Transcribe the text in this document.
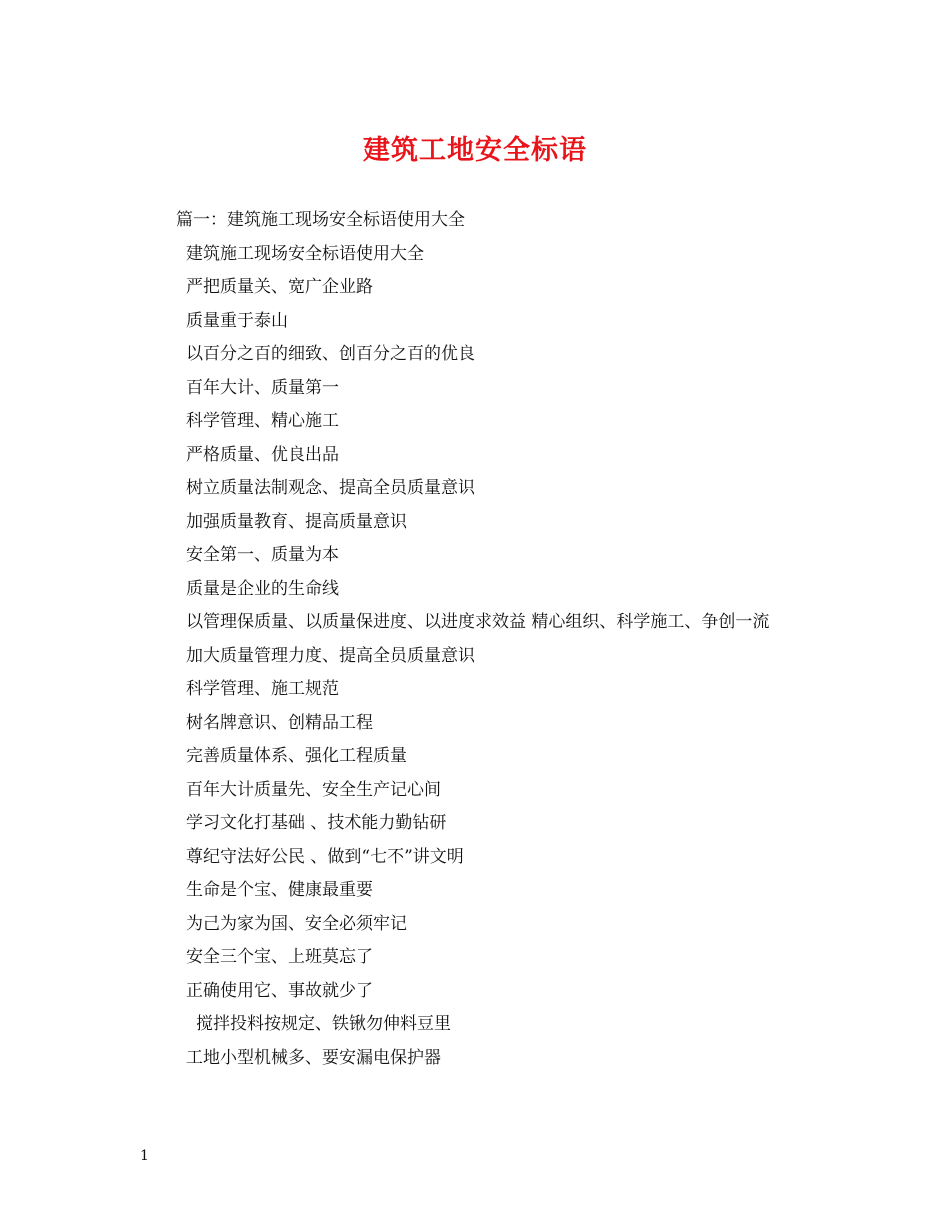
建筑工地安全标语
篇一：建筑施工现场安全标语使用大全
建筑施工现场安全标语使用大全
严把质量关、宽广企业路
质量重于泰山
以百分之百的细致、创百分之百的优良
百年大计、质量第一
科学管理、精心施工
严格质量、优良出品
树立质量法制观念、提高全员质量意识
加强质量教育、提高质量意识
安全第一、质量为本
质量是企业的生命线
以管理保质量、以质量保进度、以进度求效益 精心组织、科学施工、争创一流
加大质量管理力度、提高全员质量意识
科学管理、施工规范
树名牌意识、创精品工程
完善质量体系、强化工程质量
百年大计质量先、安全生产记心间
学习文化打基础 、技术能力勤钻研
尊纪守法好公民 、做到“七不”讲文明
生命是个宝、健康最重要
为己为家为国、安全必须牢记
安全三个宝、上班莫忘了
正确使用它、事故就少了
搅拌投料按规定、铁锹勿伸料豆里
工地小型机械多、要安漏电保护器
1
